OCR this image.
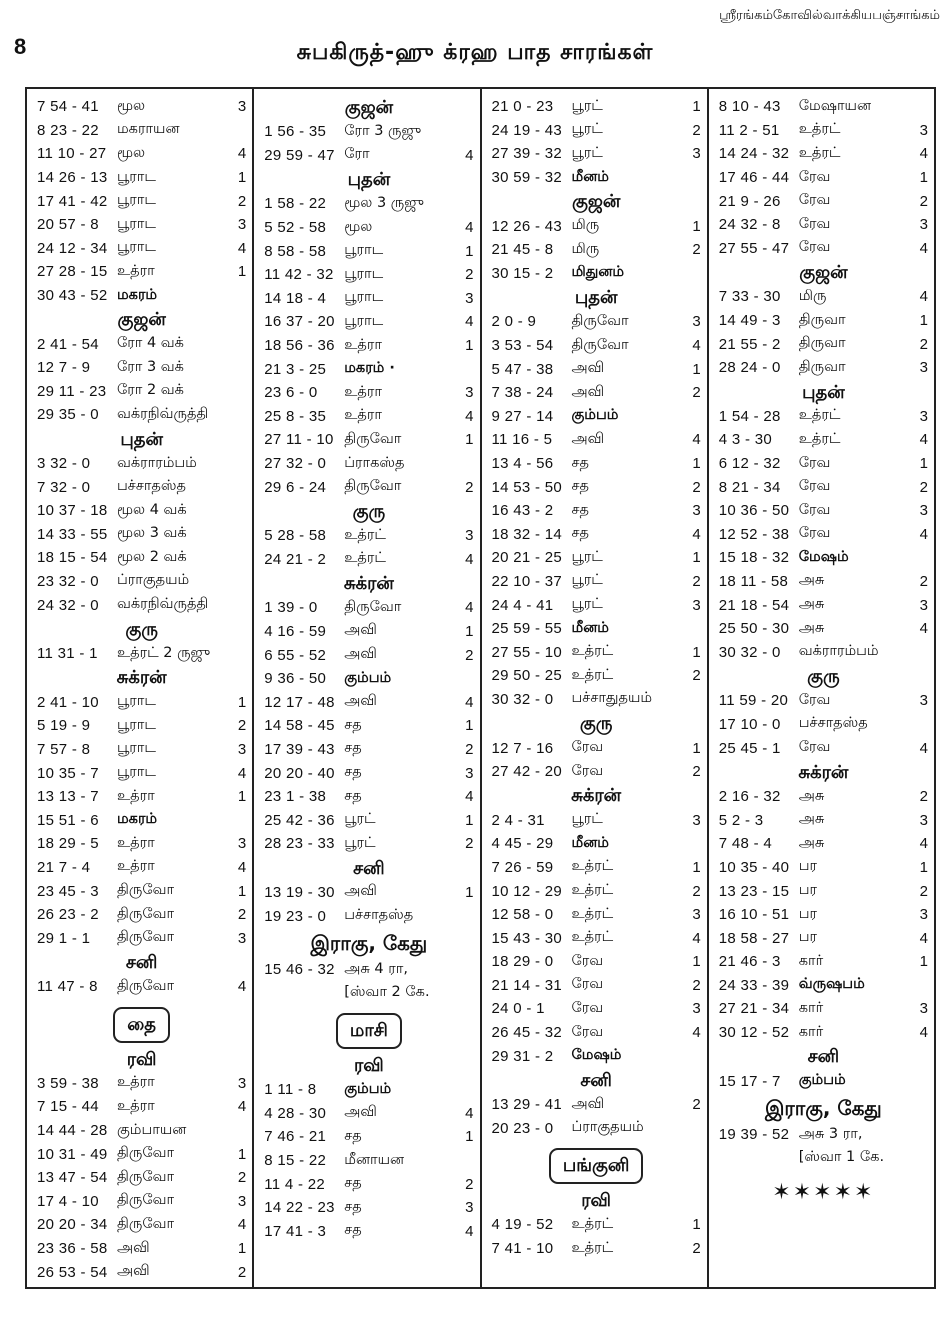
8	சுபகிருத்-ஹு க்ரஹ பாத சாரங்கள்
ஸ்ரீரங்கம்கோவில்வாக்கியபஞ்சாங்கம்
7 54 - 41	மூல	3
8 23 - 22	மகராயன
11 10 - 27 மூல	4
14 26 - 13 பூராட	1
17 41 - 42 பூராட	2
20 57 - 8	பூராட	3
24 12 - 34 பூராட	4
27 28 - 15 உத்ரா	1
30 43 - 52 மகரம்
குஜன்
2 41 - 54	ரோ 4 வக்
12 7 - 9	ரோ 3 வக்
29 11 - 23 ரோ 2 வக்
29 35 - 0	வக்ரநிவ்ருத்தி
புதன்
3 32 - 0	வக்ராரம்பம்
7 32 - 0	பச்சாதஸ்த
10 37 - 18 மூல 4 வக்
14 33 - 55 மூல 3 வக்
18 15 - 54 மூல 2 வக்
23 32 - 0	ப்ராகுதயம்
24 32 - 0	வக்ரநிவ்ருத்தி
குரு
11 31 - 1	உத்ரட் 2 ருஜு
சுக்ரன்
2 41 - 10	பூராட	1
5 19 - 9	பூராட	2
7 57 - 8	பூராட	3
10 35 - 7	பூராட	4
13 13 - 7	உத்ரா	1
15 51 - 6	மகரம்
18 29 - 5	உத்ரா	3
21 7 - 4	உத்ரா	4
23 45 - 3	திருவோ	1
26 23 - 2	திருவோ	2
29 1 - 1	திருவோ	3
சனி
11 47 - 8	திருவோ	4
தை
ரவி
3 59 - 38	உத்ரா	3
7 15 - 44	உத்ரா	4
14 44 - 28 கும்பாயன
10 31 - 49 திருவோ	1
13 47 - 54 திருவோ	2
17 4 - 10	திருவோ	3
20 20 - 34 திருவோ	4
23 36 - 58 அவி	1
26 53 - 54 அவி	2
குஜன்
1 56 - 35	ரோ 3 ருஜு
29 59 - 47 ரோ	4
புதன்
1 58 - 22	மூல 3 ருஜு
5 52 - 58	மூல	4
8 58 - 58	பூராட	1
11 42 - 32 பூராட	2
14 18 - 4	பூராட	3
16 37 - 20 பூராட	4
18 56 - 36 உத்ரா	1
21 3 - 25	மகரம் ·
23 6 - 0	உத்ரா	3
25 8 - 35	உத்ரா	4
27 11 - 10 திருவோ	1
27 32 - 0	ப்ராகஸ்த
29 6 - 24	திருவோ	2
குரு
5 28 - 58	உத்ரட்	3
24 21 - 2	உத்ரட்	4
சுக்ரன்
1 39 - 0	திருவோ	4
4 16 - 59	அவி	1
6 55 - 52	அவி	2
9 36 - 50	கும்பம்
12 17 - 48 அவி	4
14 58 - 45 சத	1
17 39 - 43 சத	2
20 20 - 40 சத	3
23 1 - 38	சத	4
25 42 - 36 பூரட்	1
28 23 - 33 பூரட்	2
சனி
13 19 - 30 அவி	1
19 23 - 0	பச்சாதஸ்த
இராகு, கேது
15 46 - 32 அசு 4 ரா,
[ஸ்வா 2 கே.
மாசி
ரவி
1 11 - 8	கும்பம்
4 28 - 30	அவி	4
7 46 - 21	சத	1
8 15 - 22	மீனாயன
11 4 - 22	சத	2
14 22 - 23 சத	3
17 41 - 3	சத	4
21 0 - 23	பூரட்	1
24 19 - 43 பூரட்	2
27 39 - 32 பூரட்	3
30 59 - 32 மீனம்
குஜன்
12 26 - 43 மிரு	1
21 45 - 8	மிரு	2
30 15 - 2	மிதுனம்
புதன்
2 0 - 9	திருவோ	3
3 53 - 54	திருவோ	4
5 47 - 38	அவி	1
7 38 - 24	அவி	2
9 27 - 14	கும்பம்
11 16 - 5	அவி	4
13 4 - 56	சத	1
14 53 - 50 சத	2
16 43 - 2	சத	3
18 32 - 14 சத	4
20 21 - 25 பூரட்	1
22 10 - 37 பூரட்	2
24 4 - 41	பூரட்	3
25 59 - 55 மீனம்
27 55 - 10 உத்ரட்	1
29 50 - 25 உத்ரட்	2
30 32 - 0	பச்சாதுதயம்
குரு
12 7 - 16	ரேவ	1
27 42 - 20 ரேவ	2
சுக்ரன்
2 4 - 31	பூரட்	3
4 45 - 29	மீனம்
7 26 - 59	உத்ரட்	1
10 12 - 29 உத்ரட்	2
12 58 - 0	உத்ரட்	3
15 43 - 30 உத்ரட்	4
18 29 - 0	ரேவ	1
21 14 - 31 ரேவ	2
24 0 - 1	ரேவ	3
26 45 - 32 ரேவ	4
29 31 - 2	மேஷம்
சனி
13 29 - 41 அவி	2
20 23 - 0	ப்ராகுதயம்
பங்குனி
ரவி
4 19 - 52	உத்ரட்	1
7 41 - 10	உத்ரட்	2
8 10 - 43	மேஷாயன
11 2 - 51	உத்ரட்	3
14 24 - 32 உத்ரட்	4
17 46 - 44 ரேவ	1
21 9 - 26	ரேவ	2
24 32 - 8	ரேவ	3
27 55 - 47 ரேவ	4
குஜன்
7 33 - 30	மிரு	4
14 49 - 3	திருவா	1
21 55 - 2	திருவா	2
28 24 - 0	திருவா	3
புதன்
1 54 - 28	உத்ரட்	3
4 3 - 30	உத்ரட்	4
6 12 - 32	ரேவ	1
8 21 - 34	ரேவ	2
10 36 - 50 ரேவ	3
12 52 - 38 ரேவ	4
15 18 - 32 மேஷம்
18 11 - 58 அசு	2
21 18 - 54 அசு	3
25 50 - 30 அசு	4
30 32 - 0	வக்ராரம்பம்
குரு
11 59 - 20 ரேவ	3
17 10 - 0	பச்சாதஸ்த
25 45 - 1	ரேவ	4
சுக்ரன்
2 16 - 32	அசு	2
5 2 - 3	அசு	3
7 48 - 4	அசு	4
10 35 - 40 பர	1
13 23 - 15 பர	2
16 10 - 51 பர	3
18 58 - 27 பர	4
21 46 - 3	கார்	1
24 33 - 39 வ்ருஷபம்
27 21 - 34 கார்	3
30 12 - 52 கார்	4
சனி
15 17 - 7	கும்பம்
இராகு, கேது
19 39 - 52 அசு 3 ரா,
[ஸ்வா 1 கே.
✶✶✶✶✶
